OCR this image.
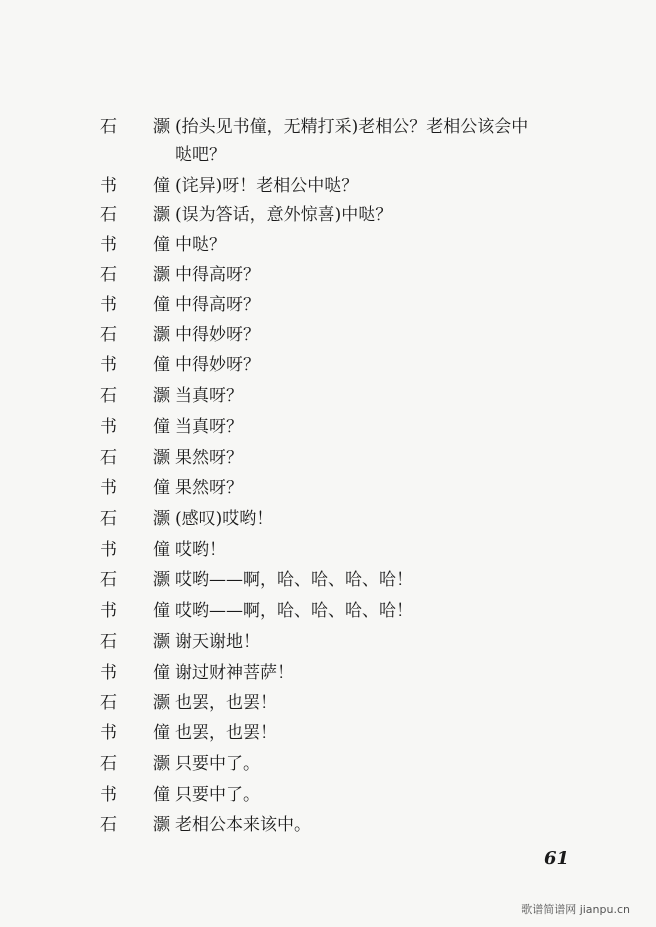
石 灏 (抬头见书僮，无精打采)老相公？老相公该会中
哒吧？
书 僮 (诧异)呀！老相公中哒？
石 灏 (误为答话，意外惊喜)中哒？
书 僮 中哒？
石 灏 中得高呀？
书 僮 中得高呀？
石 灏 中得妙呀？
书 僮 中得妙呀？
石 灏 当真呀？
书 僮 当真呀？
石 灏 果然呀？
书 僮 果然呀？
石 灏 (感叹)哎哟！
书 僮 哎哟！
石 灏 哎哟——啊，哈、哈、哈、哈！
书 僮 哎哟——啊，哈、哈、哈、哈！
石 灏 谢天谢地！
书 僮 谢过财神菩萨！
石 灏 也罢，也罢！
书 僮 也罢，也罢！
石 灏 只要中了。
书 僮 只要中了。
石 灏 老相公本来该中。
61
歌谱简谱网 jianpu.cn
